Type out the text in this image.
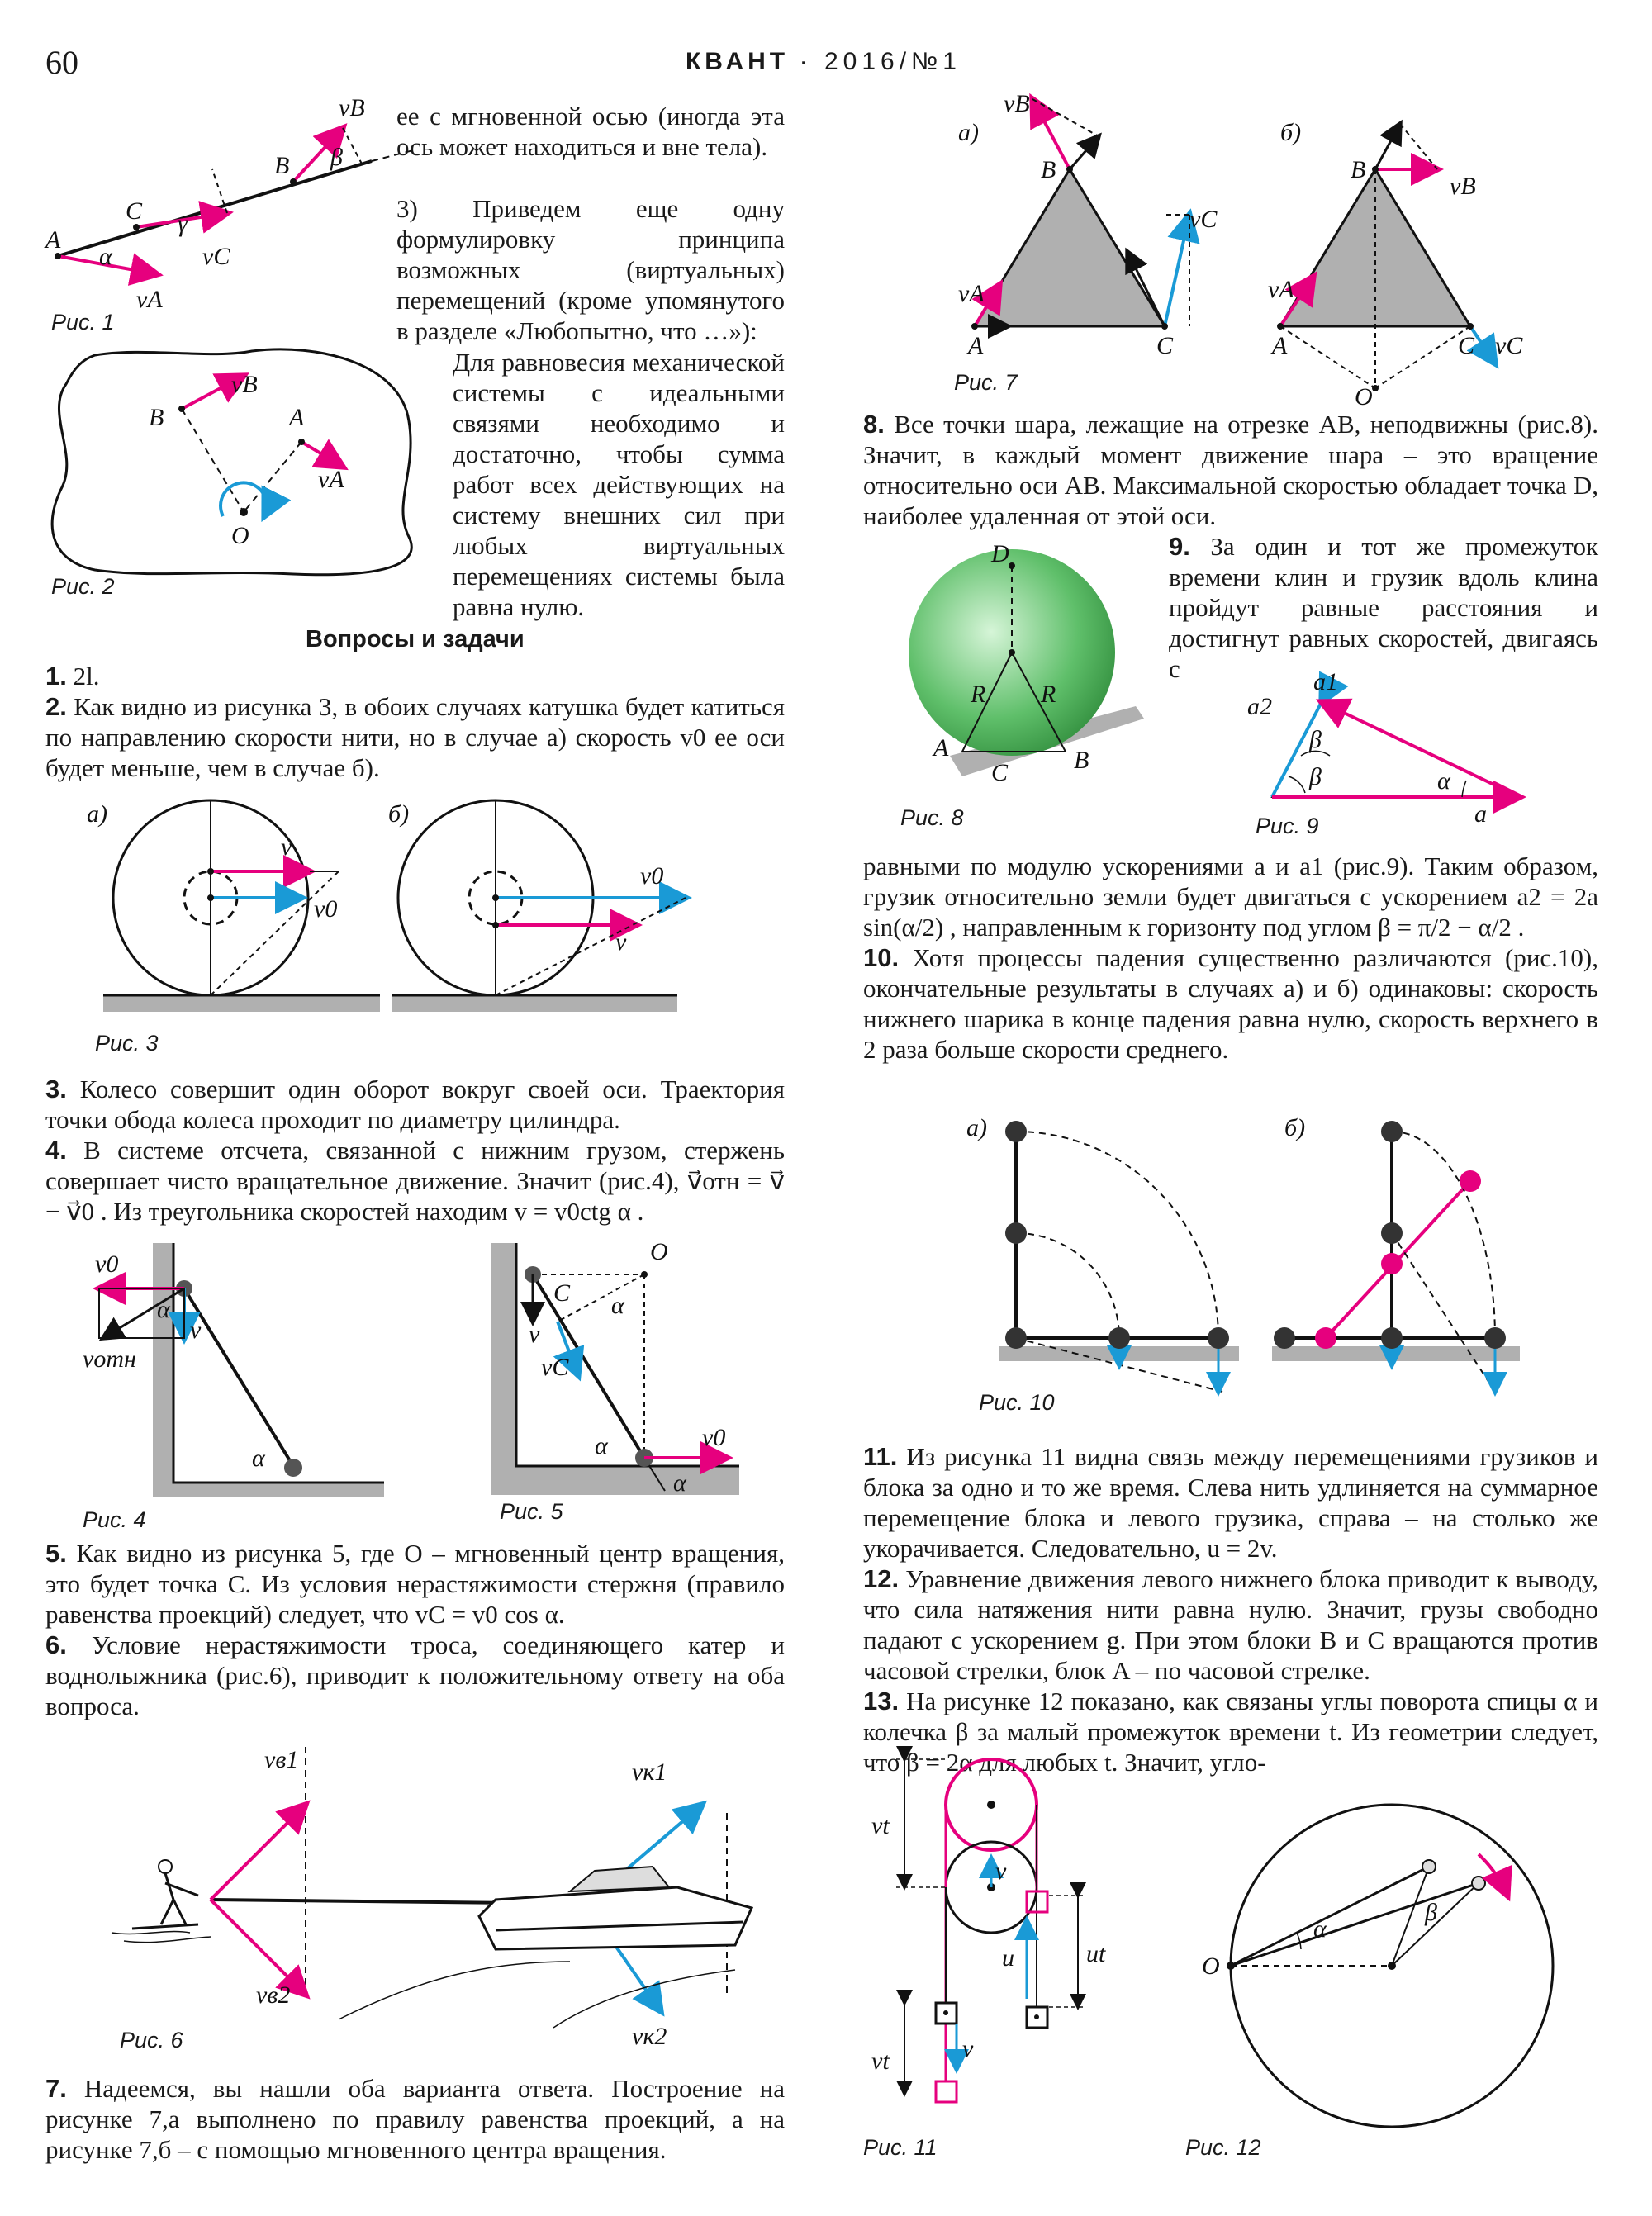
60	КВАНТ · 2016/№1
ее с мгновенной осью (иногда эта ось может находиться и вне тела).
3) Приведем еще одну формулировку принципа возможных (виртуальных) перемещений (кроме упомянутого в разделе «Любопытно, что …»):
Для равновесия механической системы с идеальными связями необходимо и достаточно, чтобы сумма работ всех действующих на систему внешних сил при любых виртуальных перемещениях системы была равна нулю.
A
C
B
α
γ
β
vA
vC
vB
Рис. 1
B	A
O
vB
vA
Рис. 2
Вопросы и задачи

1. 2l.

2. Как видно из рисунка 3, в обоих случаях катушка будет катиться по направлению скорости нити, но в случае а) скорость v0 ее оси будет меньше, чем в случае б).

а)
v
v0
б)
v0
v
Рис. 3

3. Колесо совершит один оборот вокруг своей оси. Траектория точки обода колеса проходит по диаметру цилиндра.

4. В системе отсчета, связанной с нижним грузом, стержень совершает чисто вращательное движение. Значит (рис.4), v⃗отн = v⃗ − v⃗0 . Из треугольника скоростей находим v = v0ctg α .

v0
α
v
vотн
α
Рис. 4
O
C α
v
vC
α	v0
α
Рис. 5

5. Как видно из рисунка 5, где O – мгновенный центр вращения, это будет точка C. Из условия нерастяжимости стержня (правило равенства проекций) следует, что vC = v0 cos α.

6. Условие нерастяжимости троса, соединяющего катер и воднолыжника (рис.6), приводит к положительному ответу на оба вопроса.

vв1
vв2
vк1
vк2
Рис. 6

7. Надеемся, вы нашли оба варианта ответа. Построение на рисунке 7,а выполнено по правилу равенства проекций, а на рисунке 7,б – с помощью мгновенного центра вращения.

а)
vB
B
vA
A	C
vC
б)
B
vB
vA
A	C vC
O
Рис. 7

8. Все точки шара, лежащие на отрезке AB, неподвижны (рис.8). Значит, в каждый момент движение шара – это вращение относительно оси AB. Максимальной скоростью обладает точка D, наиболее удаленная от этой оси.

D
R R
A
C	B
Рис. 8

9. За один и тот же промежуток времени клин и грузик вдоль клина пройдут равные расстояния и достигнут равных скоростей, двигаясь с	a1
a2
β
β	α
a
Рис. 9

равными по модулю ускорениями a и a1 (рис.9). Таким образом, грузик относительно земли будет двигаться с ускорением a2 = 2a sin(α/2) , направленным к горизонту под углом β = π/2 − α/2 .

10. Хотя процессы падения существенно различаются (рис.10), окончательные результаты в случаях а) и б) одинаковы: скорость нижнего шарика в конце падения равна нулю, скорость верхнего в 2 раза больше скорости среднего.

а)	б)
Рис. 10

11. Из рисунка 11 видна связь между перемещениями грузиков и блока за одно и то же время. Слева нить удлиняется на суммарное перемещение блока и левого грузика, справа – на столько же укорачивается. Следовательно, u = 2v.

12. Уравнение движения левого нижнего блока приводит к выводу, что сила натяжения нити равна нулю. Значит, грузы свободно падают с ускорением g. При этом блоки B и C вращаются против часовой стрелки, блок A – по часовой стрелке.

13. На рисунке 12 показано, как связаны углы поворота спицы α и колечка β за малый промежуток времени t. Из геометрии следует, что β = 2α для любых t. Значит, угло-

vt
v
u	ut
v
vt
Рис. 11
O
α
β
Рис. 12
